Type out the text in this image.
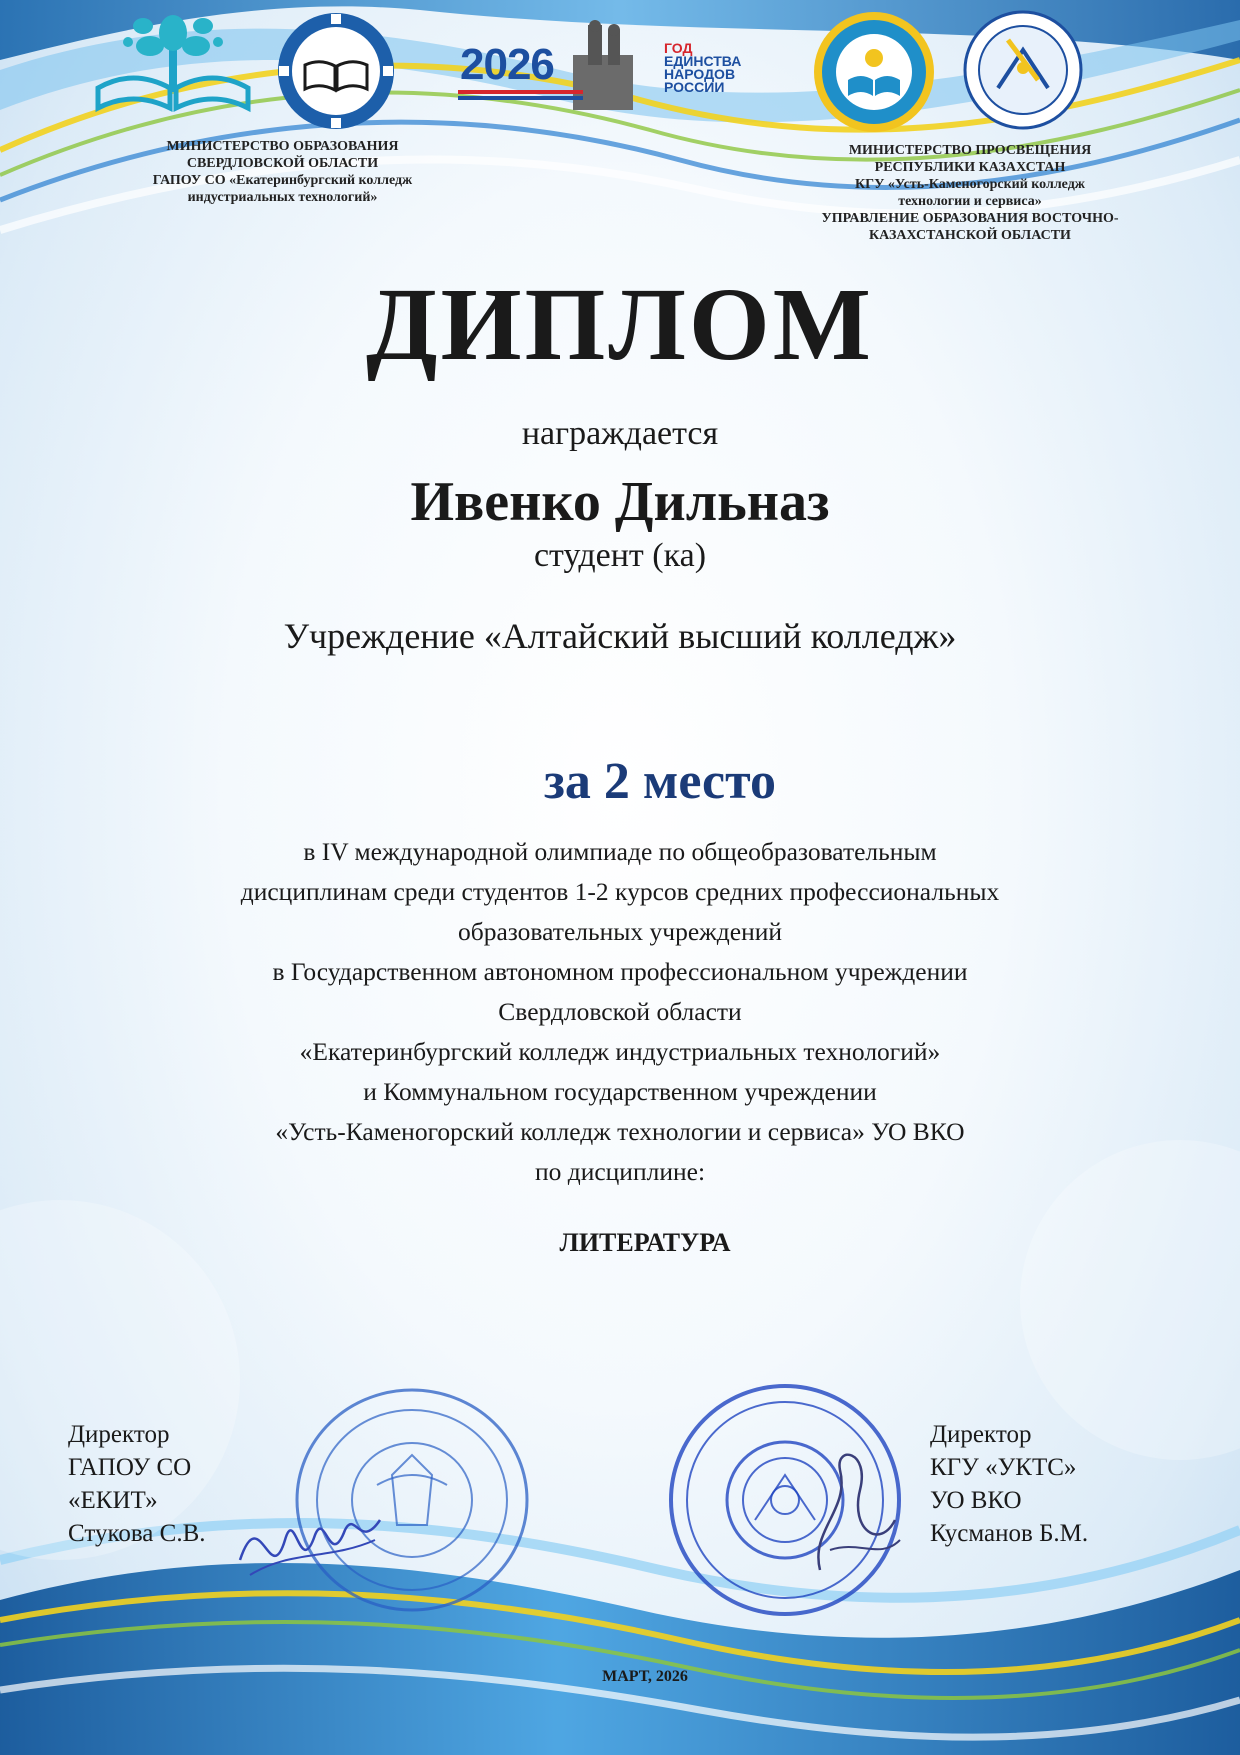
2026	ГОД
ЕДИНСТВА
НАРОДОВ
РОССИИ
МИНИСТЕРСТВО ОБРАЗОВАНИЯ
СВЕРДЛОВСКОЙ ОБЛАСТИ
ГАПОУ СО «Екатеринбургский колледж
индустриальных технологий»
МИНИСТЕРСТВО ПРОСВЕЩЕНИЯ
РЕСПУБЛИКИ КАЗАХСТАН
КГУ «Усть-Каменогорский колледж
технологии и сервиса»
УПРАВЛЕНИЕ ОБРАЗОВАНИЯ ВОСТОЧНО-
КАЗАХСТАНСКОЙ ОБЛАСТИ
ДИПЛОМ
награждается
Ивенко Дильназ
студент (ка)
Учреждение «Алтайский высший колледж»
за 2 место
в IV международной олимпиаде по общеобразовательным
дисциплинам среди студентов 1-2 курсов средних профессиональных
образовательных учреждений
в Государственном автономном профессиональном учреждении
Свердловской области
«Екатеринбургский колледж индустриальных технологий»
и Коммунальном государственном учреждении
«Усть-Каменогорский колледж технологии и сервиса» УО ВКО
по дисциплине:
ЛИТЕРАТУРА
Директор
ГАПОУ СО
«ЕКИТ»
Стукова С.В.
Директор
КГУ «УКТС»
УО ВКО
Кусманов Б.М.
МАРТ, 2026
